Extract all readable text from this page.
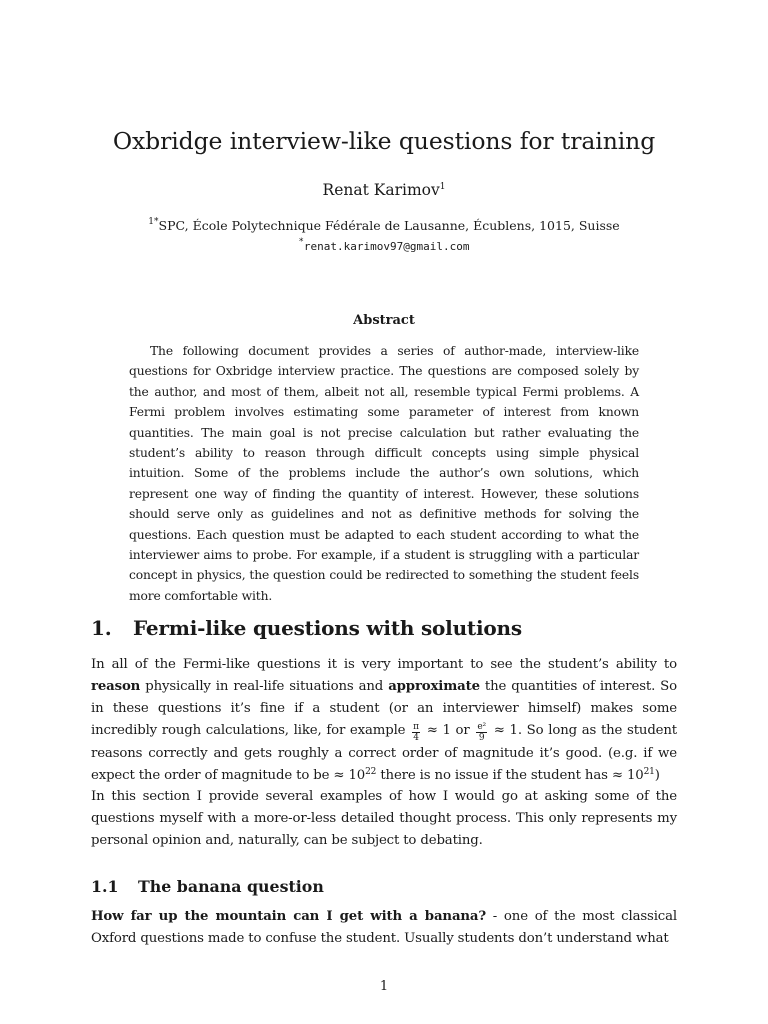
Oxbridge interview-like questions for training
Renat Karimov$^1$
$^{1*}$SPC, École Polytechnique Fédérale de Lausanne, Écublens, 1015, Suisse
*renat.karimov97@gmail.com
Abstract
The following document provides a series of author-made, interview-like questions for Oxbridge interview practice. The questions are composed solely by the author, and most of them, albeit not all, resemble typical Fermi problems. A Fermi problem involves estimating some parameter of interest from known quantities. The main goal is not precise calculation but rather evaluating the student’s ability to reason through difficult concepts using simple physical intuition. Some of the problems include the author’s own solutions, which represent one way of finding the quantity of interest. However, these solutions should serve only as guidelines and not as definitive methods for solving the questions. Each question must be adapted to each student according to what the interviewer aims to probe. For example, if a student is struggling with a particular concept in physics, the question could be redirected to something the student feels more comfortable with.
1. Fermi-like questions with solutions
In all of the Fermi-like questions it is very important to see the student’s ability to reason physically in real-life situations and approximate the quantities of interest. So in these questions it’s fine if a student (or an interviewer himself) makes some incredibly rough calculations, like, for example $\frac{\pi}{4} \approx 1$ or $\frac{\text{e²}}{9} \approx 1$. So long as the student reasons correctly and gets roughly a correct order of magnitude it’s good. (e.g. if we expect the order of magnitude to be ≈ $10^{22}$ there is no issue if the student has ≈ $10^{21}$)
In this section I provide several examples of how I would go at asking some of the questions myself with a more-or-less detailed thought process. This only represents my personal opinion and, naturally, can be subject to debating.
1.1 The banana question
How far up the mountain can I get with a banana? - one of the most classical Oxford questions made to confuse the student. Usually students don’t understand what
1
